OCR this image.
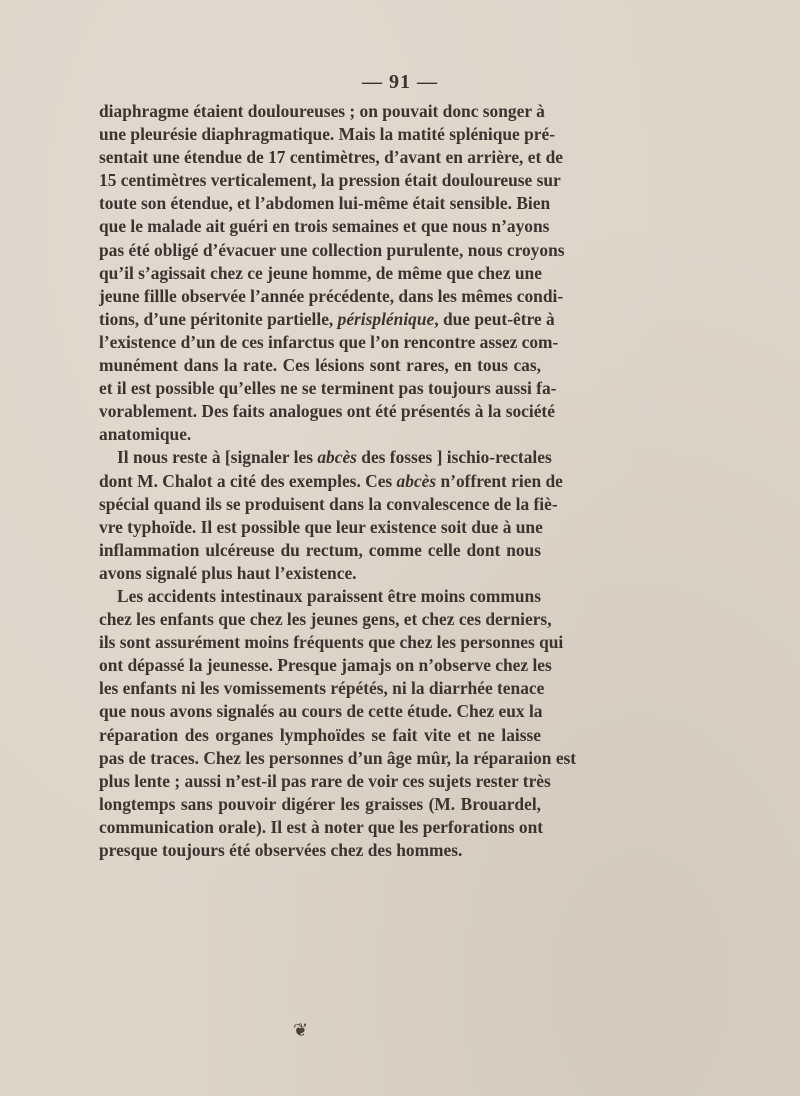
— 91 —
diaphragme étaient douloureuses ; on pouvait donc songer à
une pleurésie diaphragmatique. Mais la matité splénique pré-
sentait une étendue de 17 centimètres, d’avant en arrière, et de
15 centimètres verticalement, la pression était douloureuse sur
toute son étendue, et l’abdomen lui-même était sensible. Bien
que le malade ait guéri en trois semaines et que nous n’ayons
pas été obligé d’évacuer une collection purulente, nous croyons
qu’il s’agissait chez ce jeune homme, de même que chez une
jeune fillle observée l’année précédente, dans les mêmes condi-
tions, d’une péritonite partielle, périsplénique, due peut-être à
l’existence d’un de ces infarctus que l’on rencontre assez com-
munément dans la rate. Ces lésions sont rares, en tous cas,
et il est possible qu’elles ne se terminent pas toujours aussi fa-
vorablement. Des faits analogues ont été présentés à la société
anatomique.
Il nous reste à [signaler les abcès des fosses ] ischio-rectales
dont M. Chalot a cité des exemples. Ces abcès n’offrent rien de
spécial quand ils se produisent dans la convalescence de la fiè-
vre typhoïde. Il est possible que leur existence soit due à une
inflammation ulcéreuse du rectum, comme celle dont nous
avons signalé plus haut l’existence.
Les accidents intestinaux paraissent être moins communs
chez les enfants que chez les jeunes gens, et chez ces derniers,
ils sont assurément moins fréquents que chez les personnes qui
ont dépassé la jeunesse. Presque jamajs on n’observe chez les
les enfants ni les vomissements répétés, ni la diarrhée tenace
que nous avons signalés au cours de cette étude. Chez eux la
réparation des organes lymphoïdes se fait vite et ne laisse
pas de traces. Chez les personnes d’un âge mûr, la réparaıion est
plus lente ; aussi n’est-il pas rare de voir ces sujets rester très
longtemps sans pouvoir digérer les graisses (M. Brouardel,
communication orale). Il est à noter que les perforations ont
presque toujours été observées chez des hommes.
❦
